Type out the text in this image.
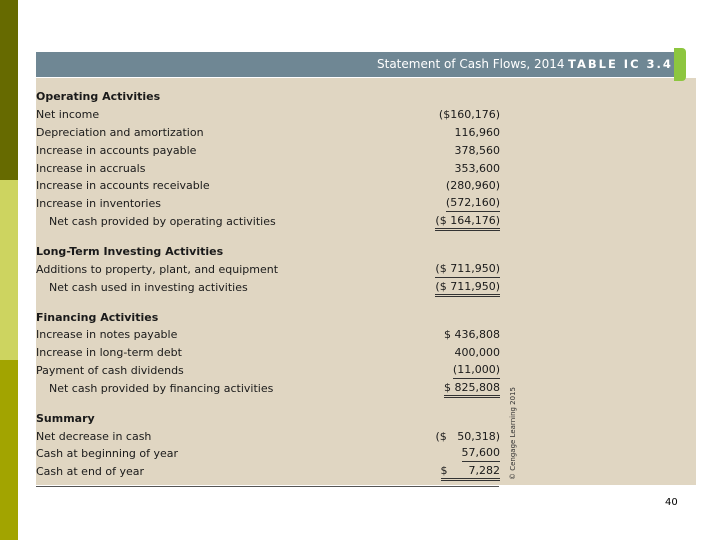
Statement of Cash Flows, 2014 TABLE IC 3.4
Operating Activities
Net income	($160,176)
Depreciation and amortization	116,960
Increase in accounts payable	378,560
Increase in accruals	353,600
Increase in accounts receivable	(280,960)
Increase in inventories	(572,160)
Net cash provided by operating activities	($ 164,176)
Long-Term Investing Activities
Additions to property, plant, and equipment	($ 711,950)
Net cash used in investing activities	($ 711,950)
Financing Activities
Increase in notes payable	$ 436,808
Increase in long-term debt	400,000
Payment of cash dividends	(11,000)
Net cash provided by financing activities	$ 825,808
Summary
Net decrease in cash	($   50,318)
Cash at beginning of year	57,600
Cash at end of year	$      7,282 © Cengage Learning 2015
40
